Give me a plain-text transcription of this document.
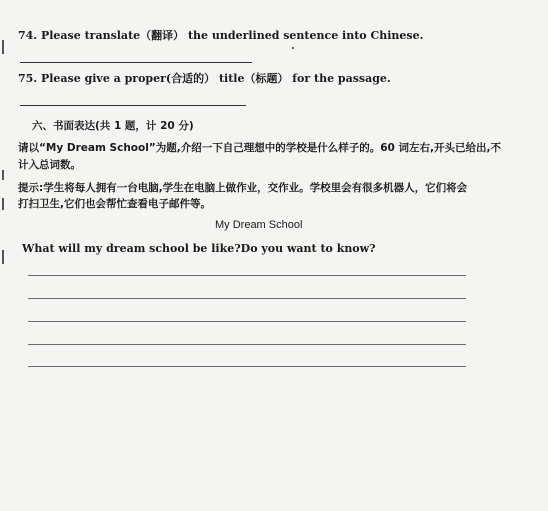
74. Please translate（翻译） the underlined sentence into Chinese.
75. Please give a proper(合适的） title（标题） for the passage.
六、书面表达(共 1 题，计 20 分)
请以“My Dream School”为题,介绍一下自己理想中的学校是什么样子的。60 词左右,开头已给出,不
计入总词数。
提示:学生将每人拥有一台电脑,学生在电脑上做作业，交作业。学校里会有很多机器人，它们将会
打扫卫生,它们也会帮忙查看电子邮件等。
My Dream School
What will my dream school be like?Do you want to know?
